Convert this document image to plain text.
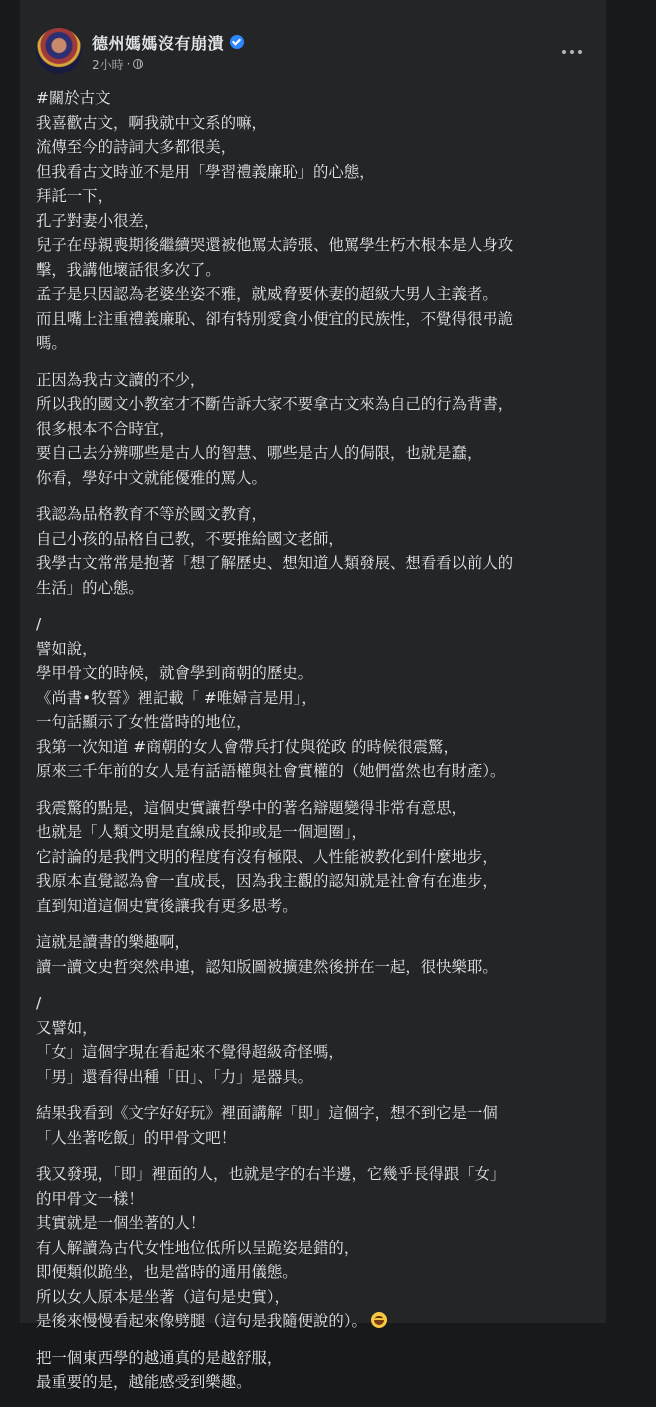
德州媽媽沒有崩潰
2小時 ·
#關於古文
我喜歡古文，啊我就中文系的嘛，
流傳至今的詩詞大多都很美，
但我看古文時並不是用「學習禮義廉恥」的心態，
拜託一下，
孔子對妻小很差，
兒子在母親喪期後繼續哭還被他罵太誇張、他罵學生朽木根本是人身攻
擊，我講他壞話很多次了。
孟子是只因認為老婆坐姿不雅，就威脅要休妻的超級大男人主義者。
而且嘴上注重禮義廉恥、卻有特別愛貪小便宜的民族性，不覺得很弔詭
嗎。
正因為我古文讀的不少，
所以我的國文小教室才不斷告訴大家不要拿古文來為自己的行為背書，
很多根本不合時宜，
要自己去分辨哪些是古人的智慧、哪些是古人的侷限，也就是蠢，
你看，學好中文就能優雅的罵人。
我認為品格教育不等於國文教育，
自己小孩的品格自己教，不要推給國文老師，
我學古文常常是抱著「想了解歷史、想知道人類發展、想看看以前人的
生活」的心態。
/
譬如說，
學甲骨文的時候，就會學到商朝的歷史。
《尚書•牧誓》裡記載「 #唯婦言是用」，
一句話顯示了女性當時的地位，
我第一次知道 #商朝的女人會帶兵打仗與從政 的時候很震驚，
原來三千年前的女人是有話語權與社會實權的（她們當然也有財產）。
我震驚的點是，這個史實讓哲學中的著名辯題變得非常有意思，
也就是「人類文明是直線成長抑或是一個迴圈」，
它討論的是我們文明的程度有沒有極限、人性能被教化到什麼地步，
我原本直覺認為會一直成長，因為我主觀的認知就是社會有在進步，
直到知道這個史實後讓我有更多思考。
這就是讀書的樂趣啊，
讀一讀文史哲突然串連，認知版圖被擴建然後拼在一起，很快樂耶。
/
又譬如，
「女」這個字現在看起來不覺得超級奇怪嗎，
「男」還看得出種「田」、「力」是器具。
結果我看到《文字好好玩》裡面講解「即」這個字，想不到它是一個
「人坐著吃飯」的甲骨文吧！
我又發現，「即」裡面的人，也就是字的右半邊，它幾乎長得跟「女」
的甲骨文一樣！
其實就是一個坐著的人！
有人解讀為古代女性地位低所以呈跪姿是錯的，
即便類似跪坐，也是當時的通用儀態。
所以女人原本是坐著（這句是史實），
是後來慢慢看起來像劈腿（這句是我隨便說的）。
把一個東西學的越通真的是越舒服，
最重要的是，越能感受到樂趣。
